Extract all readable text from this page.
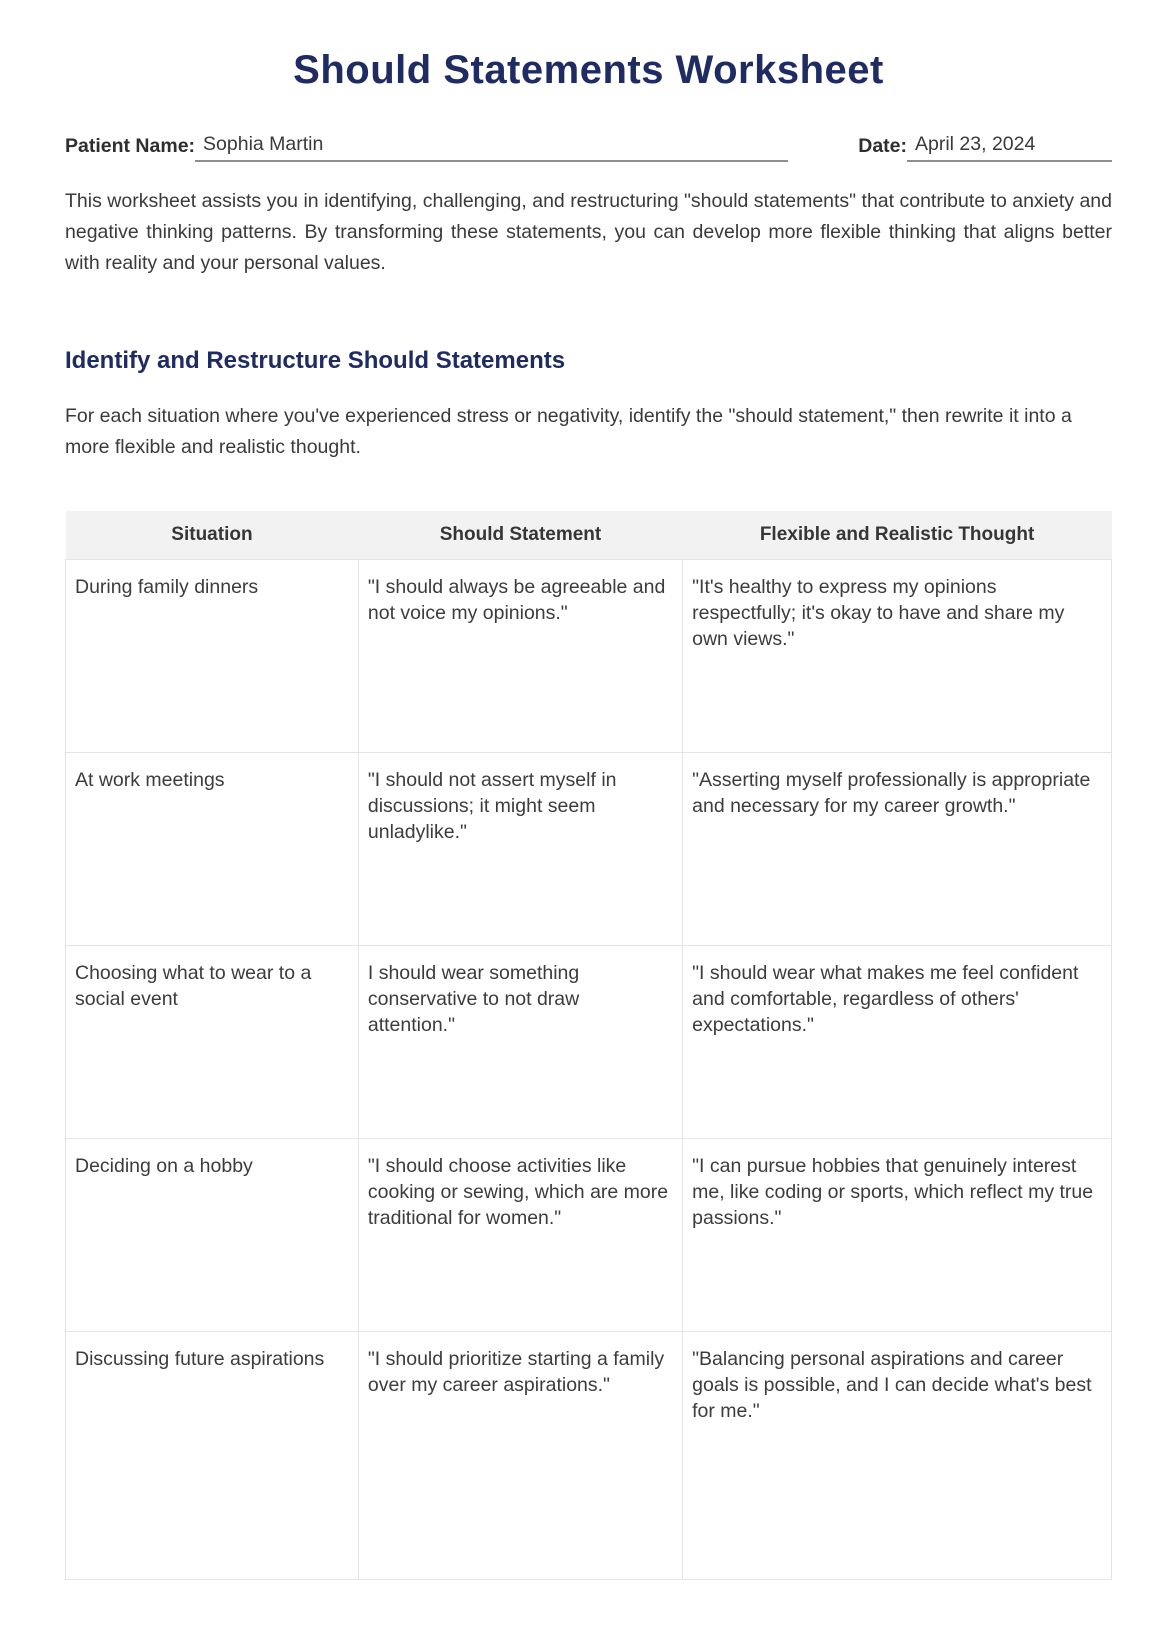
Should Statements Worksheet
Patient Name: Sophia Martin	Date: April 23, 2024

This worksheet assists you in identifying, challenging, and restructuring "should statements" that contribute to anxiety and negative thinking patterns. By transforming these statements, you can develop more flexible thinking that aligns better with reality and your personal values.

Identify and Restructure Should Statements

For each situation where you've experienced stress or negativity, identify the "should statement," then rewrite it into a more flexible and realistic thought.

Situation	Should Statement	Flexible and Realistic Thought
During family dinners	"I should always be agreeable and not voice my opinions."	"It's healthy to express my opinions respectfully; it's okay to have and share my own views."
At work meetings	"I should not assert myself in discussions; it might seem unladylike."	"Asserting myself professionally is appropriate and necessary for my career growth."
Choosing what to wear to a social event	I should wear something conservative to not draw attention."	"I should wear what makes me feel confident and comfortable, regardless of others' expectations."
Deciding on a hobby	"I should choose activities like cooking or sewing, which are more traditional for women."	"I can pursue hobbies that genuinely interest me, like coding or sports, which reflect my true passions."
Discussing future aspirations	"I should prioritize starting a family over my career aspirations."	"Balancing personal aspirations and career goals is possible, and I can decide what's best for me."
